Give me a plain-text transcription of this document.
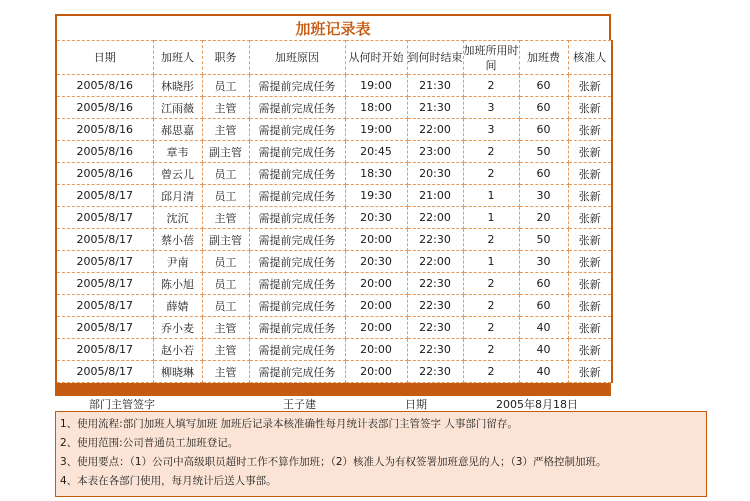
加班记录表
日期	加班人	职务	加班原因	从何时开始	到何时结束	加班所用时间	加班费	核准人
2005/8/16	林晓彤	员工	需提前完成任务	19:00	21:30	2	60	张新
2005/8/16	江雨薇	主管	需提前完成任务	18:00	21:30	3	60	张新
2005/8/16	郝思嘉	主管	需提前完成任务	19:00	22:00	3	60	张新
2005/8/16	章韦	副主管	需提前完成任务	20:45	23:00	2	50	张新
2005/8/16	曾云儿	员工	需提前完成任务	18:30	20:30	2	60	张新
2005/8/17	邱月清	员工	需提前完成任务	19:30	21:00	1	30	张新
2005/8/17	沈沉	主管	需提前完成任务	20:30	22:00	1	20	张新
2005/8/17	蔡小蓓	副主管	需提前完成任务	20:00	22:30	2	50	张新
2005/8/17	尹南	员工	需提前完成任务	20:30	22:00	1	30	张新
2005/8/17	陈小旭	员工	需提前完成任务	20:00	22:30	2	60	张新
2005/8/17	薛婧	员工	需提前完成任务	20:00	22:30	2	60	张新
2005/8/17	乔小麦	主管	需提前完成任务	20:00	22:30	2	40	张新
2005/8/17	赵小若	主管	需提前完成任务	20:00	22:30	2	40	张新
2005/8/17	柳晓琳	主管	需提前完成任务	20:00	22:30	2	40	张新
部门主管签字	王子建	日期	2005年8月18日
1、使用流程:部门加班人填写加班 加班后记录本核准确性每月统计表部门主管签字 人事部门留存。
2、使用范围:公司普通员工加班登记。
3、使用要点：（1）公司中高级职员超时工作不算作加班；（2）核准人为有权签署加班意见的人；（3）严格控制加班。
4、本表在各部门使用，每月统计后送人事部。
